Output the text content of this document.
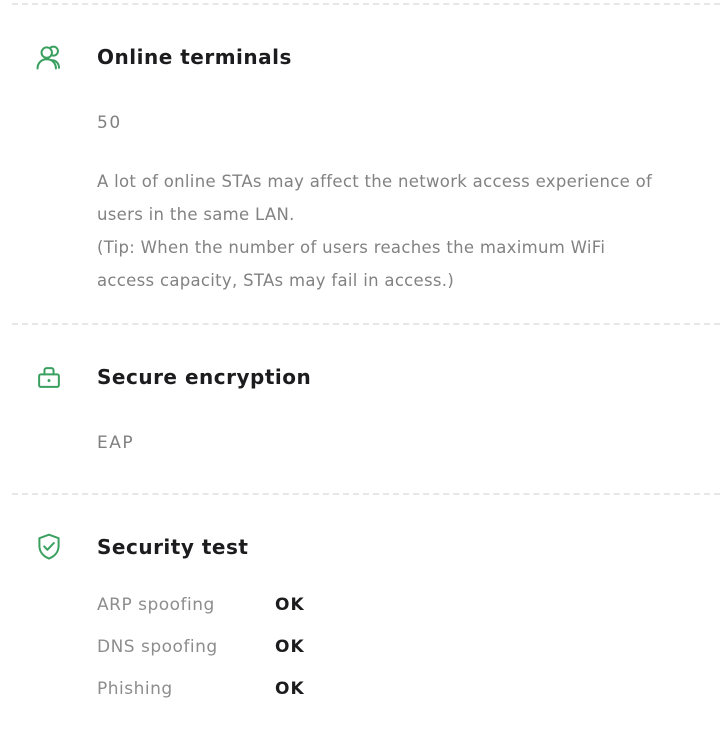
Online terminals
50

A lot of online STAs may affect the network access experience of users in the same LAN.

(Tip: When the number of users reaches the maximum WiFi access capacity, STAs may fail in access.)

Secure encryption
EAP
Security test
ARP spoofing	OK
DNS spoofing	OK
Phishing	OK
